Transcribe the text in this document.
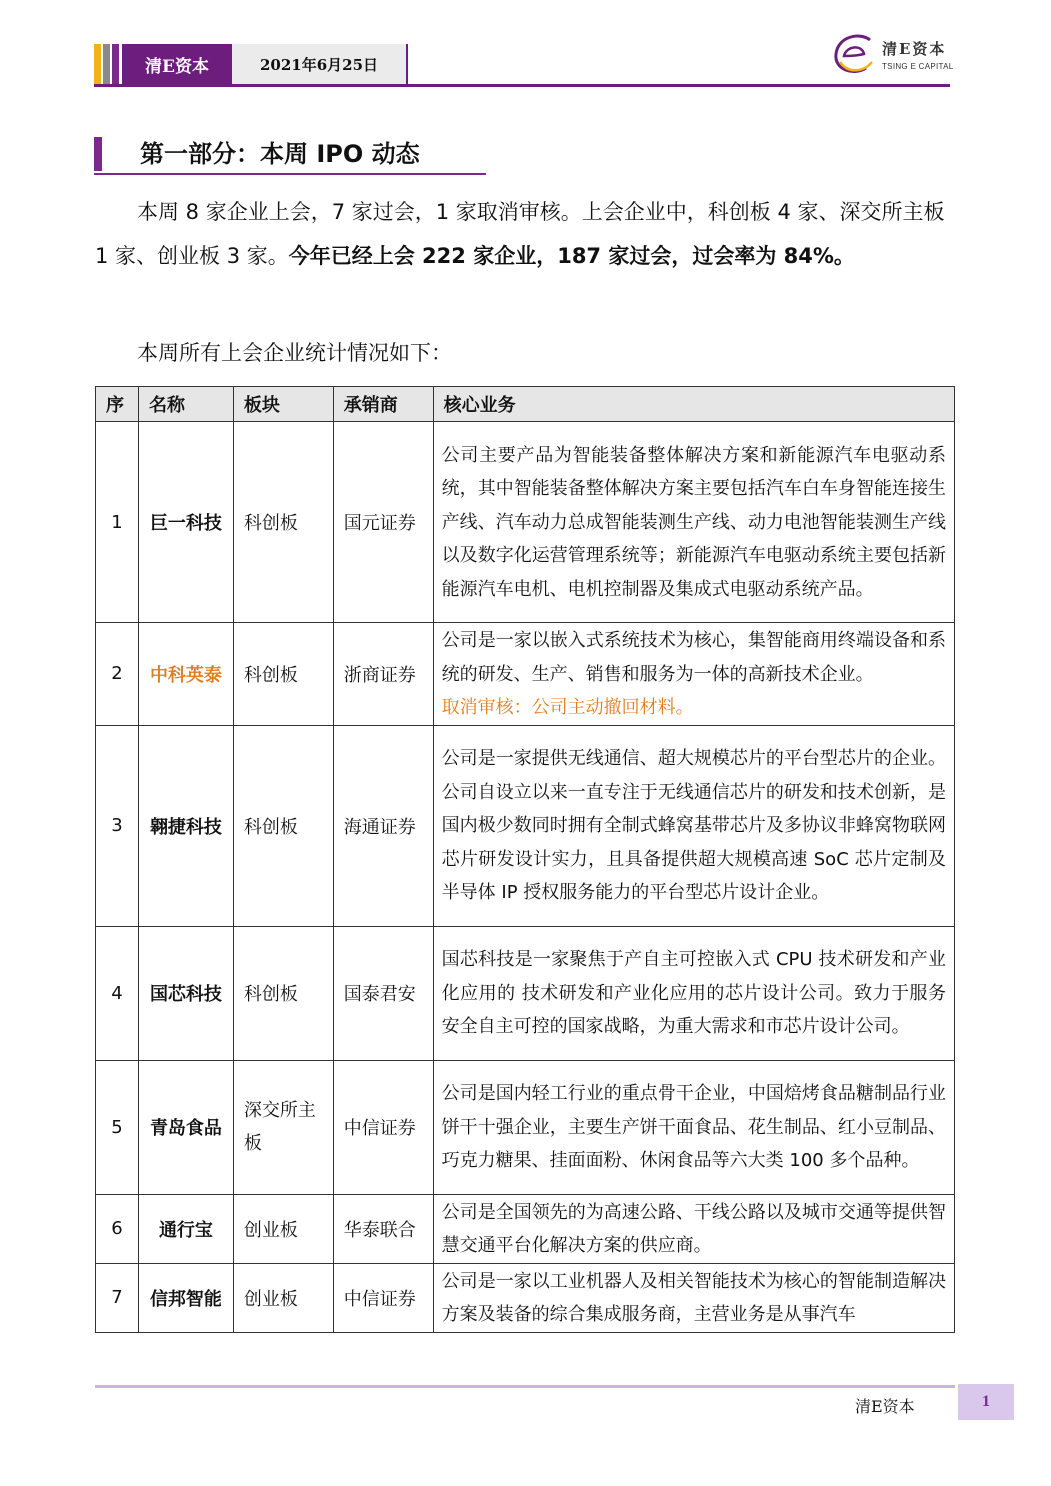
清E资本	2021年6月25日
清E资本
TSING E CAPITAL
第一部分：本周 IPO 动态
本周 8 家企业上会，7 家过会，1 家取消审核。上会企业中，科创板 4 家、深交所主板 1 家、创业板 3 家。今年已经上会 222 家企业，187 家过会，过会率为 84%。
本周所有上会企业统计情况如下：
序	名称	板块	承销商	核心业务
1	巨一科技	科创板	国元证券	公司主要产品为智能装备整体解决方案和新能源汽车电驱动系统，其中智能装备整体解决方案主要包括汽车白车身智能连接生产线、汽车动力总成智能装测生产线、动力电池智能装测生产线以及数字化运营管理系统等；新能源汽车电驱动系统主要包括新能源汽车电机、电机控制器及集成式电驱动系统产品。
2	中科英泰	科创板	浙商证券	公司是一家以嵌入式系统技术为核心，集智能商用终端设备和系统的研发、生产、销售和服务为一体的高新技术企业。
取消审核：公司主动撤回材料。
3	翱捷科技	科创板	海通证券	公司是一家提供无线通信、超大规模芯片的平台型芯片的企业。公司自设立以来一直专注于无线通信芯片的研发和技术创新，是国内极少数同时拥有全制式蜂窝基带芯片及多协议非蜂窝物联网芯片研发设计实力，且具备提供超大规模高速 SoC 芯片定制及半导体 IP 授权服务能力的平台型芯片设计企业。
4	国芯科技	科创板	国泰君安	国芯科技是一家聚焦于产自主可控嵌入式 CPU 技术研发和产业化应用的 技术研发和产业化应用的芯片设计公司。致力于服务安全自主可控的国家战略，为重大需求和市芯片设计公司。
5	青岛食品	深交所主板	中信证券	公司是国内轻工行业的重点骨干企业，中国焙烤食品糖制品行业饼干十强企业，主要生产饼干面食品、花生制品、红小豆制品、巧克力糖果、挂面面粉、休闲食品等六大类 100 多个品种。
6	通行宝	创业板	华泰联合	公司是全国领先的为高速公路、干线公路以及城市交通等提供智慧交通平台化解决方案的供应商。
7	信邦智能	创业板	中信证券	公司是一家以工业机器人及相关智能技术为核心的智能制造解决方案及装备的综合集成服务商，主营业务是从事汽车
清E资本	1
